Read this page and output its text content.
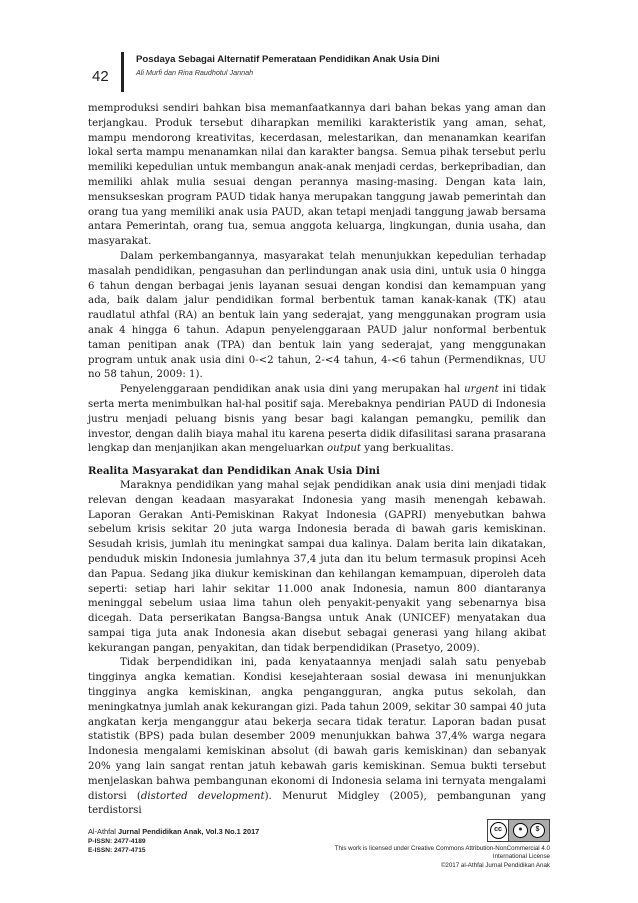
42
Posdaya Sebagai Alternatif Pemerataan Pendidikan Anak Usia Dini
Ali Murfi dan Rina Raudhotul Jannah

memproduksi sendiri bahkan bisa memanfaatkannya dari bahan bekas yang aman dan terjangkau. Produk tersebut diharapkan memiliki karakteristik yang aman, sehat, mampu mendorong kreativitas, kecerdasan, melestarikan, dan menanamkan kearifan lokal serta mampu menanamkan nilai dan karakter bangsa. Semua pihak tersebut perlu memiliki kepedulian untuk membangun anak-anak menjadi cerdas, berkepribadian, dan memiliki ahlak mulia sesuai dengan perannya masing-masing. Dengan kata lain, mensukseskan program PAUD tidak hanya merupakan tanggung jawab pemerintah dan orang tua yang memiliki anak usia PAUD, akan tetapi menjadi tanggung jawab bersama antara Pemerintah, orang tua, semua anggota keluarga, lingkungan, dunia usaha, dan masyarakat.

Dalam perkembangannya, masyarakat telah menunjukkan kepedulian terhadap masalah pendidikan, pengasuhan dan perlindungan anak usia dini, untuk usia 0 hingga 6 tahun dengan berbagai jenis layanan sesuai dengan kondisi dan kemampuan yang ada, baik dalam jalur pendidikan formal berbentuk taman kanak-kanak (TK) atau raudlatul athfal (RA) an bentuk lain yang sederajat, yang menggunakan program usia anak 4 hingga 6 tahun. Adapun penyelenggaraan PAUD jalur nonformal berbentuk taman penitipan anak (TPA) dan bentuk lain yang sederajat, yang menggunakan program untuk anak usia dini 0-<2 tahun, 2-<4 tahun, 4-<6 tahun (Permendiknas, UU no 58 tahun, 2009: 1).

Penyelenggaraan pendidikan anak usia dini yang merupakan hal urgent ini tidak serta merta menimbulkan hal-hal positif saja. Merebaknya pendirian PAUD di Indonesia justru menjadi peluang bisnis yang besar bagi kalangan pemangku, pemilik dan investor, dengan dalih biaya mahal itu karena peserta didik difasilitasi sarana prasarana lengkap dan menjanjikan akan mengeluarkan output yang berkualitas.

Realita Masyarakat dan Pendidikan Anak Usia Dini

Maraknya pendidikan yang mahal sejak pendidikan anak usia dini menjadi tidak relevan dengan keadaan masyarakat Indonesia yang masih menengah kebawah. Laporan Gerakan Anti-Pemiskinan Rakyat Indonesia (GAPRI) menyebutkan bahwa sebelum krisis sekitar 20 juta warga Indonesia berada di bawah garis kemiskinan. Sesudah krisis, jumlah itu meningkat sampai dua kalinya. Dalam berita lain dikatakan, penduduk miskin Indonesia jumlahnya 37,4 juta dan itu belum termasuk propinsi Aceh dan Papua. Sedang jika diukur kemiskinan dan kehilangan kemampuan, diperoleh data seperti: setiap hari lahir sekitar 11.000 anak Indonesia, namun 800 diantaranya meninggal sebelum usiaa lima tahun oleh penyakit-penyakit yang sebenarnya bisa dicegah. Data perserikatan Bangsa-Bangsa untuk Anak (UNICEF) menyatakan dua sampai tiga juta anak Indonesia akan disebut sebagai generasi yang hilang akibat kekurangan pangan, penyakitan, dan tidak berpendidikan (Prasetyo, 2009).

Tidak berpendidikan ini, pada kenyataannya menjadi salah satu penyebab tingginya angka kematian. Kondisi kesejahteraan sosial dewasa ini menunjukkan tingginya angka kemiskinan, angka pengangguran, angka putus sekolah, dan meningkatnya jumlah anak kekurangan gizi. Pada tahun 2009, sekitar 30 sampai 40 juta angkatan kerja menganggur atau bekerja secara tidak teratur. Laporan badan pusat statistik (BPS) pada bulan desember 2009 menunjukkan bahwa 37,4% warga negara Indonesia mengalami kemiskinan absolut (di bawah garis kemiskinan) dan sebanyak 20% yang lain sangat rentan jatuh kebawah garis kemiskinan. Semua bukti tersebut menjelaskan bahwa pembangunan ekonomi di Indonesia selama ini ternyata mengalami distorsi (distorted development). Menurut Midgley (2005), pembangunan yang terdistorsi

Al-Athfal Jurnal Pendidikan Anak, Vol.3 No.1 2017
P-ISSN: 2477-4189
E-ISSN: 2477-4715
cc	●	$
This work is licensed under Creative Commons Attribution-NonCommercial 4.0
International License
©2017 al-Athfal Jurnal Pendidikan Anak
